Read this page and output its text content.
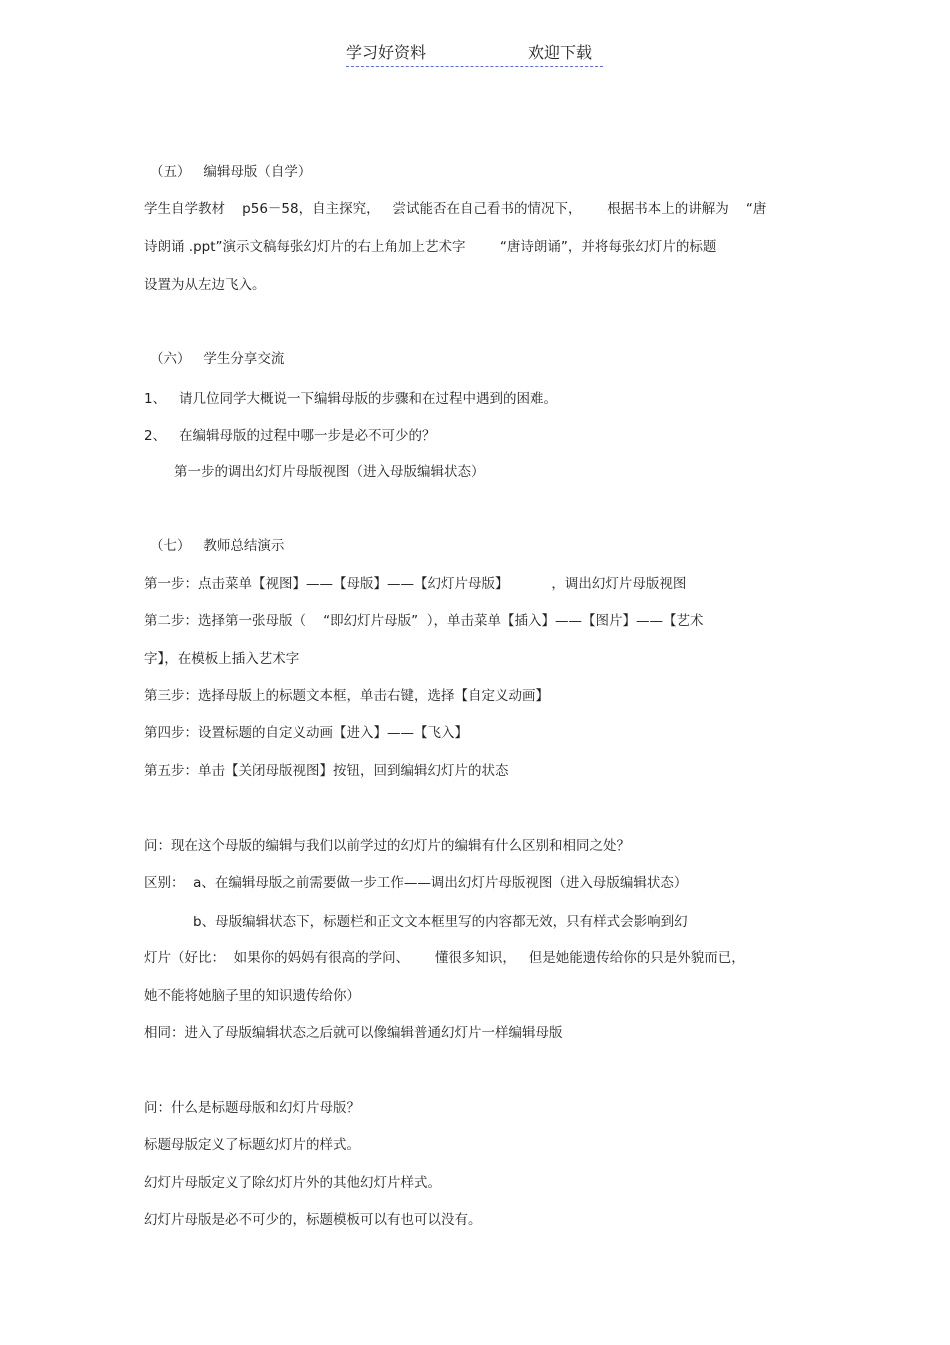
学习好资料	欢迎下载
（五）   编辑母版（自学）
学生自学教材    p56－58，自主探究，   尝试能否在自己看书的情况下，      根据书本上的讲解为    “唐
诗朗诵 .ppt”演示文稿每张幻灯片的右上角加上艺术字        “唐诗朗诵”，并将每张幻灯片的标题
设置为从左边飞入。
（六）   学生分享交流
1、   请几位同学大概说一下编辑母版的步骤和在过程中遇到的困难。
2、   在编辑母版的过程中哪一步是必不可少的？
第一步的调出幻灯片母版视图（进入母版编辑状态）
（七）   教师总结演示
第一步：点击菜单【视图】——【母版】——【幻灯片母版】          ，调出幻灯片母版视图
第二步：选择第一张母版（    “即幻灯片母版”  ），单击菜单【插入】——【图片】——【艺术
字】，在模板上插入艺术字
第三步：选择母版上的标题文本框，单击右键，选择【自定义动画】
第四步：设置标题的自定义动画【进入】——【飞入】
第五步：单击【关闭母版视图】按钮，回到编辑幻灯片的状态
问：现在这个母版的编辑与我们以前学过的幻灯片的编辑有什么区别和相同之处？
区别：  a、在编辑母版之前需要做一步工作——调出幻灯片母版视图（进入母版编辑状态）
b、母版编辑状态下，标题栏和正文文本框里写的内容都无效，只有样式会影响到幻
灯片（好比：  如果你的妈妈有很高的学问、      懂很多知识，   但是她能遗传给你的只是外貌而已，
她不能将她脑子里的知识遗传给你）
相同：进入了母版编辑状态之后就可以像编辑普通幻灯片一样编辑母版
问：什么是标题母版和幻灯片母版？
标题母版定义了标题幻灯片的样式。
幻灯片母版定义了除幻灯片外的其他幻灯片样式。
幻灯片母版是必不可少的，标题模板可以有也可以没有。
